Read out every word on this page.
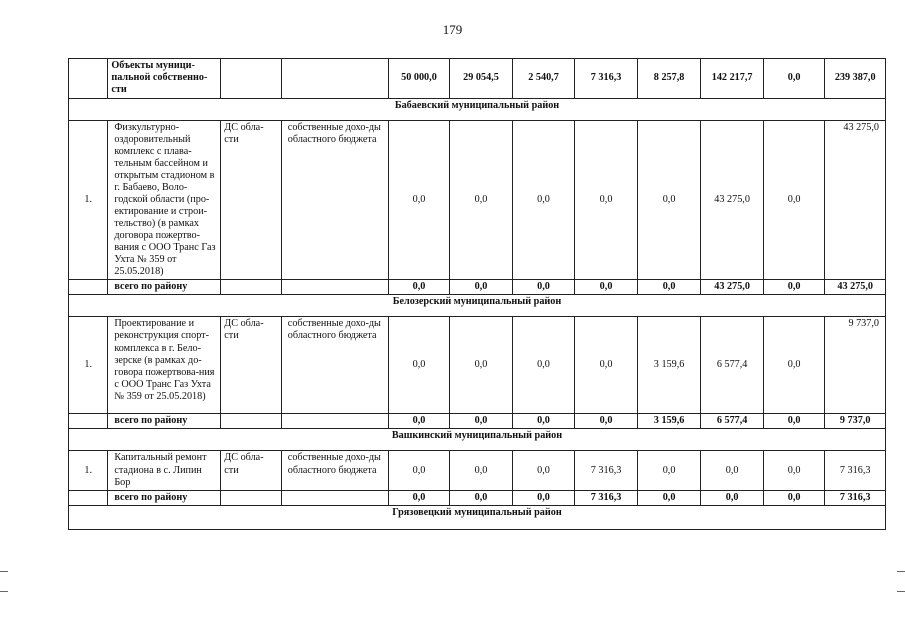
179
	Объекты муници-пальной собственно-сти			50 000,0	29 054,5	2 540,7	7 316,3	8 257,8	142 217,7	0,0	239 387,0
Бабаевский муниципальный район											
1.	Физкультурно-оздоровительный комплекс с плава-тельным бассейном и открытым стадионом в г. Бабаево, Воло-годской области (про-ектирование и строи-тельство) (в рамках договора пожертво-вания с ООО Транс Газ Ухта № 359 от 25.05.2018)	ДС обла-сти	собственные дохо-ды областного бюджета	0,0	0,0	0,0	0,0	0,0	43 275,0	0,0	43 275,0
	всего по району			0,0	0,0	0,0	0,0	0,0	43 275,0	0,0	43 275,0
Белозерский муниципальный район											
1.	Проектирование и реконструкция спорт-комплекса в г. Бело-зерске (в рамках до-говора пожертвова-ния с ООО Транс Газ Ухта № 359 от 25.05.2018)	ДС обла-сти	собственные дохо-ды областного бюджета	0,0	0,0	0,0	0,0	3 159,6	6 577,4	0,0	9 737,0
	всего по району			0,0	0,0	0,0	0,0	3 159,6	6 577,4	0,0	9 737,0
Вашкинский муниципальный район											
1.	Капитальный ремонт стадиона в с. Липин Бор	ДС обла-сти	собственные дохо-ды областного бюджета	0,0	0,0	0,0	7 316,3	0,0	0,0	0,0	7 316,3
	всего по району			0,0	0,0	0,0	7 316,3	0,0	0,0	0,0	7 316,3
Грязовецкий муниципальный район											
